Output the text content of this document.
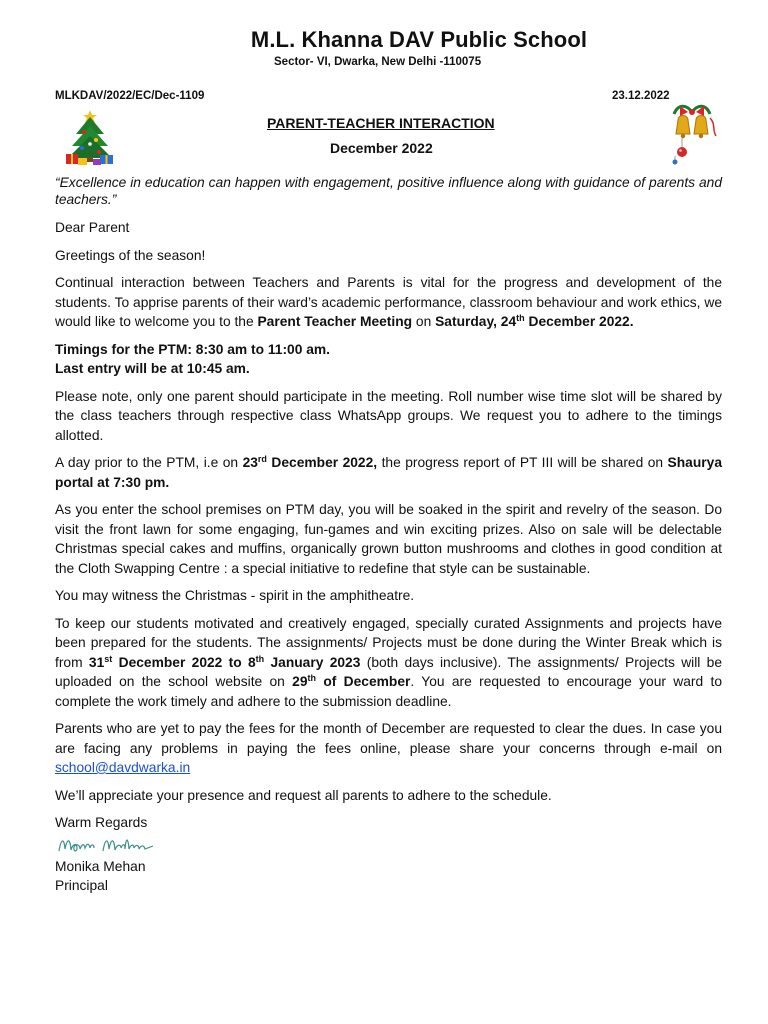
M.L. Khanna DAV Public School
Sector- VI, Dwarka, New Delhi -110075
MLKDAV/2022/EC/Dec-1109	23.12.2022
PARENT-TEACHER INTERACTION
December 2022

“Excellence in education can happen with engagement, positive influence along with guidance of parents and teachers.”

Dear Parent

Greetings of the season!

Continual interaction between Teachers and Parents is vital for the progress and development of the students. To apprise parents of their ward’s academic performance, classroom behaviour and work ethics, we would like to welcome you to the Parent Teacher Meeting on Saturday, 24th December 2022.

Timings for the PTM: 8:30 am to 11:00 am.

Last entry will be at 10:45 am.

Please note, only one parent should participate in the meeting. Roll number wise time slot will be shared by the class teachers through respective class WhatsApp groups. We request you to adhere to the timings allotted.

A day prior to the PTM, i.e on 23rd December 2022, the progress report of PT III will be shared on Shaurya portal at 7:30 pm.

As you enter the school premises on PTM day, you will be soaked in the spirit and revelry of the season. Do visit the front lawn for some engaging, fun-games and win exciting prizes. Also on sale will be delectable Christmas special cakes and muffins, organically grown button mushrooms and clothes in good condition at the Cloth Swapping Centre : a special initiative to redefine that style can be sustainable.

You may witness the Christmas - spirit in the amphitheatre.

To keep our students motivated and creatively engaged, specially curated Assignments and projects have been prepared for the students. The assignments/ Projects must be done during the Winter Break which is from 31st December 2022 to 8th January 2023 (both days inclusive). The assignments/ Projects will be uploaded on the school website on 29th of December. You are requested to encourage your ward to complete the work timely and adhere to the submission deadline.

Parents who are yet to pay the fees for the month of December are requested to clear the dues. In case you are facing any problems in paying the fees online, please share your concerns through e-mail on school@davdwarka.in

We’ll appreciate your presence and request all parents to adhere to the schedule.

Warm Regards

Monika Mehan

Principal
